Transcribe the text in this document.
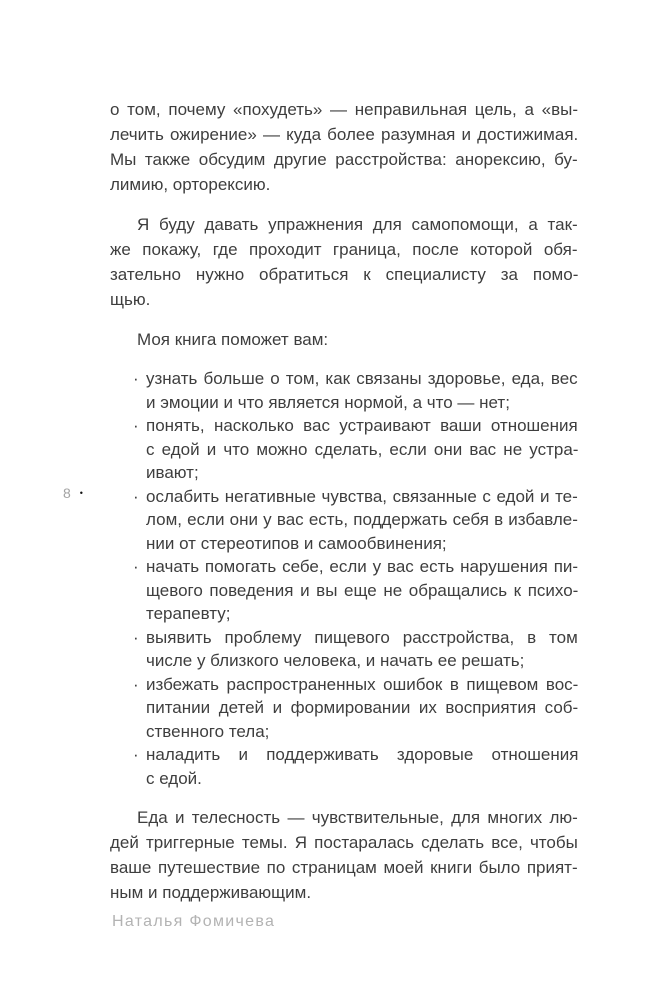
8 •
о том, почему «похудеть» — неправильная цель, а «вы-
лечить ожирение» — куда более разумная и достижимая.
Мы также обсудим другие расстройства: анорексию, бу-
лимию, орторексию.
Я буду давать упражнения для самопомощи, а так-
же покажу, где проходит граница, после которой обя-
зательно нужно обратиться к специалисту за помо-
щью.
Моя книга поможет вам:
· узнать больше о том, как связаны здоровье, еда, вес
и эмоции и что является нормой, а что — нет;
· понять, насколько вас устраивают ваши отношения
с едой и что можно сделать, если они вас не устра-
ивают;
· ослабить негативные чувства, связанные с едой и те-
лом, если они у вас есть, поддержать себя в избавле-
нии от стереотипов и самообвинения;
· начать помогать себе, если у вас есть нарушения пи-
щевого поведения и вы еще не обращались к психо-
терапевту;
· выявить проблему пищевого расстройства, в том
числе у близкого человека, и начать ее решать;
· избежать распространенных ошибок в пищевом вос-
питании детей и формировании их восприятия соб-
ственного тела;
· наладить и поддерживать здоровые отношения
с едой.
Еда и телесность — чувствительные, для многих лю-
дей триггерные темы. Я постаралась сделать все, чтобы
ваше путешествие по страницам моей книги было прият-
ным и поддерживающим.
Наталья Фомичева
